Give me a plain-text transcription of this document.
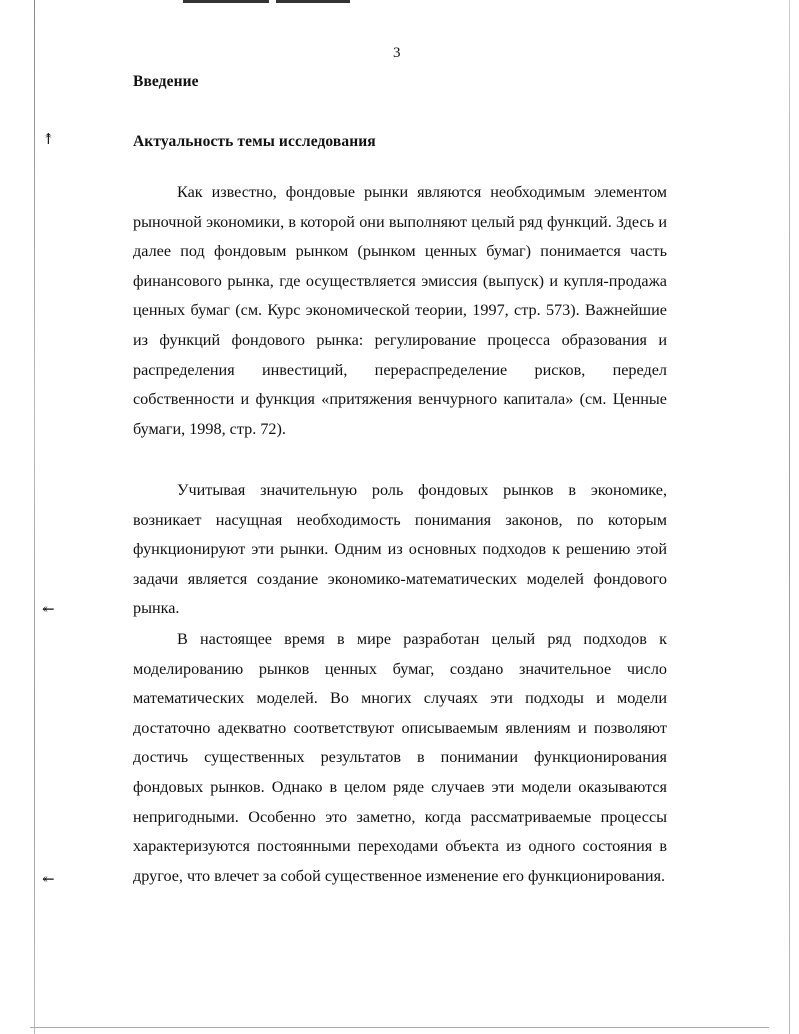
↟
↞
↞
3
Введение
Актуальность темы исследования

Как известно, фондовые рынки являются необходимым элементом рыночной экономики, в которой они выполняют целый ряд функций. Здесь и далее под фондовым рынком (рынком ценных бумаг) понимается часть финансового рынка, где осуществляется эмиссия (выпуск) и купля-продажа ценных бумаг (см. Курс экономической теории, 1997, стр. 573). Важнейшие из функций фондового рынка: регулирование процесса образования и распределения инвестиций, перераспределение рисков, передел собственности и функция «притяжения венчурного капитала» (см. Ценные бумаги, 1998, стр. 72).

Учитывая значительную роль фондовых рынков в экономике, возникает насущная необходимость понимания законов, по которым функционируют эти рынки. Одним из основных подходов к решению этой задачи является создание экономико-математических моделей фондового рынка.

В настоящее время в мире разработан целый ряд подходов к моделированию рынков ценных бумаг, создано значительное число математических моделей. Во многих случаях эти подходы и модели достаточно адекватно соответствуют описываемым явлениям и позволяют достичь существенных результатов в понимании функционирования фондовых рынков. Однако в целом ряде случаев эти модели оказываются непригодными. Особенно это заметно, когда рассматриваемые процессы характеризуются постоянными переходами объекта из одного состояния в другое, что влечет за собой существенное изменение его функционирования.
